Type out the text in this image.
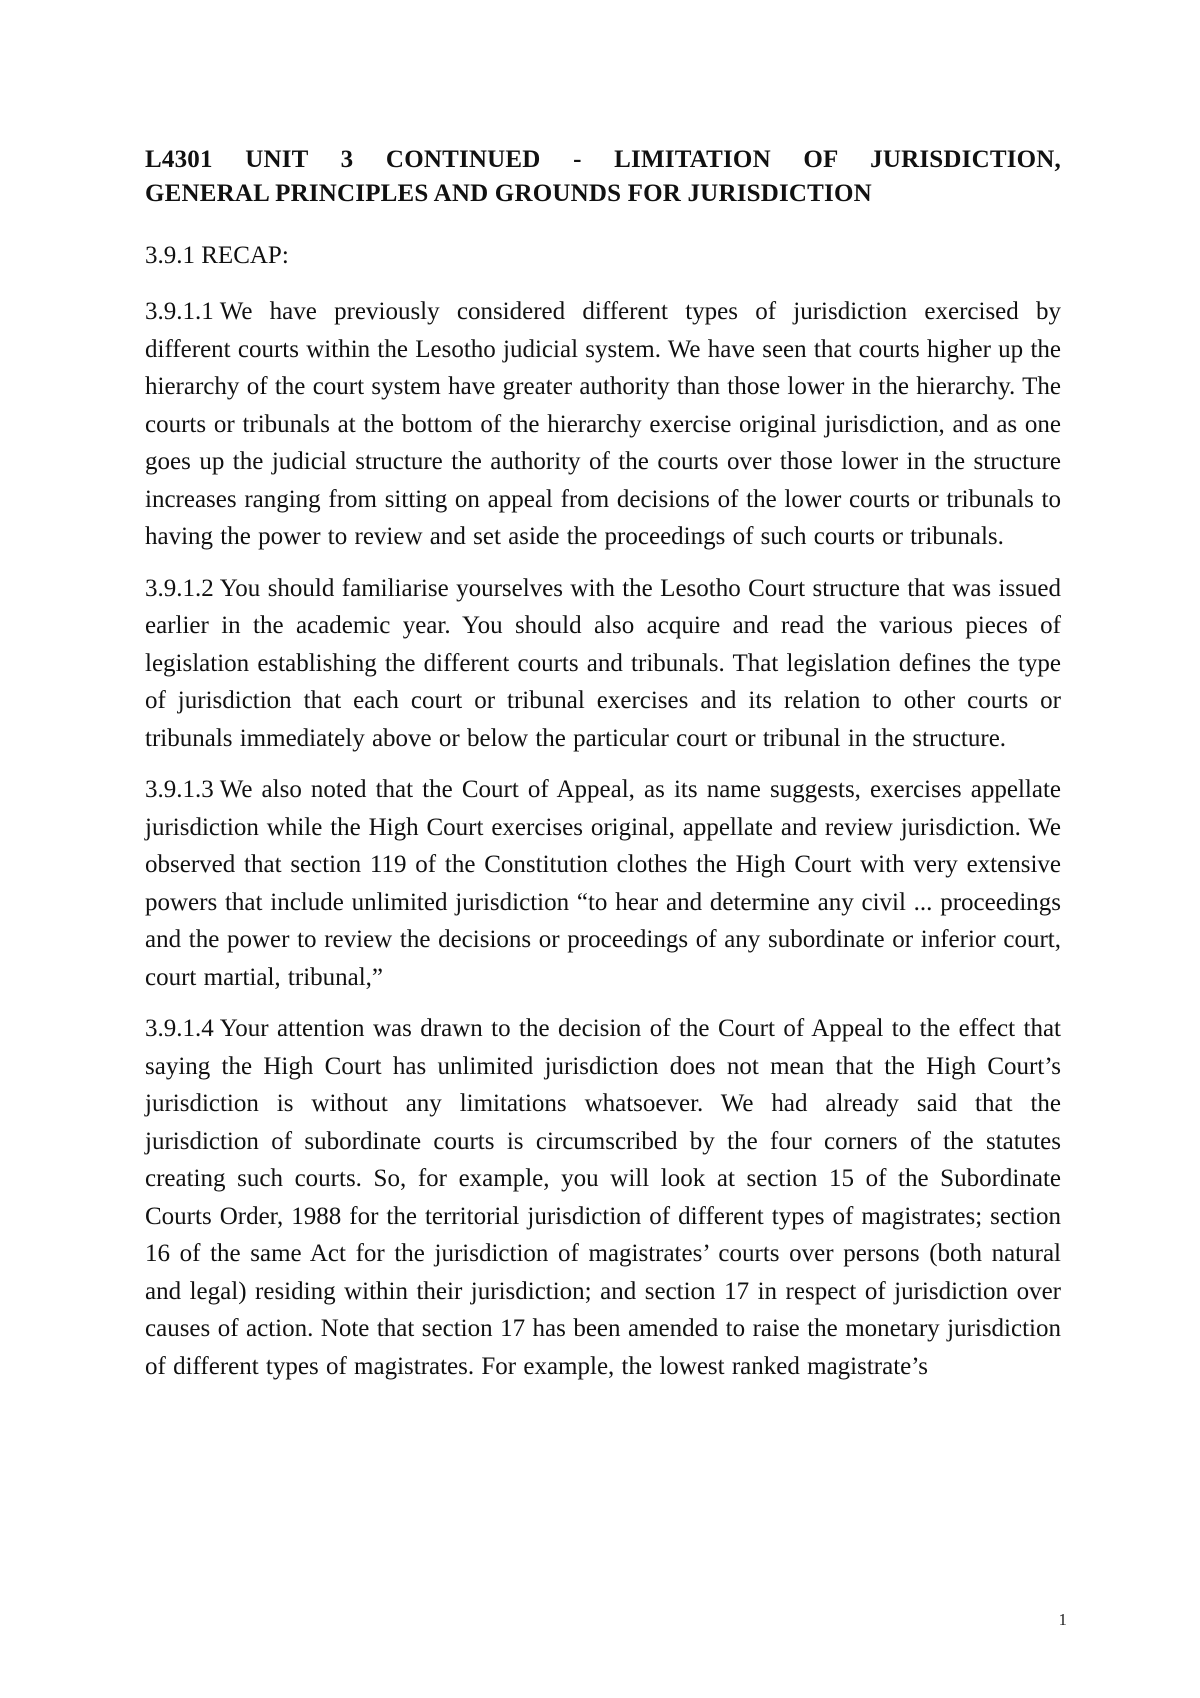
L4301 UNIT 3 CONTINUED - LIMITATION OF JURISDICTION,
GENERAL PRINCIPLES AND GROUNDS FOR JURISDICTION
3.9.1 RECAP:

3.9.1.1 We have previously considered different types of jurisdiction exercised by different courts within the Lesotho judicial system. We have seen that courts higher up the hierarchy of the court system have greater authority than those lower in the hierarchy. The courts or tribunals at the bottom of the hierarchy exercise original jurisdiction, and as one goes up the judicial structure the authority of the courts over those lower in the structure increases ranging from sitting on appeal from decisions of the lower courts or tribunals to having the power to review and set aside the proceedings of such courts or tribunals.

3.9.1.2 You should familiarise yourselves with the Lesotho Court structure that was issued earlier in the academic year. You should also acquire and read the various pieces of legislation establishing the different courts and tribunals. That legislation defines the type of jurisdiction that each court or tribunal exercises and its relation to other courts or tribunals immediately above or below the particular court or tribunal in the structure.

3.9.1.3 We also noted that the Court of Appeal, as its name suggests, exercises appellate jurisdiction while the High Court exercises original, appellate and review jurisdiction. We observed that section 119 of the Constitution clothes the High Court with very extensive powers that include unlimited jurisdiction “to hear and determine any civil ... proceedings and the power to review the decisions or proceedings of any subordinate or inferior court, court martial, tribunal,”

3.9.1.4 Your attention was drawn to the decision of the Court of Appeal to the effect that saying the High Court has unlimited jurisdiction does not mean that the High Court’s jurisdiction is without any limitations whatsoever. We had already said that the jurisdiction of subordinate courts is circumscribed by the four corners of the statutes creating such courts. So, for example, you will look at section 15 of the Subordinate Courts Order, 1988 for the territorial jurisdiction of different types of magistrates; section 16 of the same Act for the jurisdiction of magistrates’ courts over persons (both natural and legal) residing within their jurisdiction; and section 17 in respect of jurisdiction over causes of action. Note that section 17 has been amended to raise the monetary jurisdiction of different types of magistrates. For example, the lowest ranked magistrate’s

1
